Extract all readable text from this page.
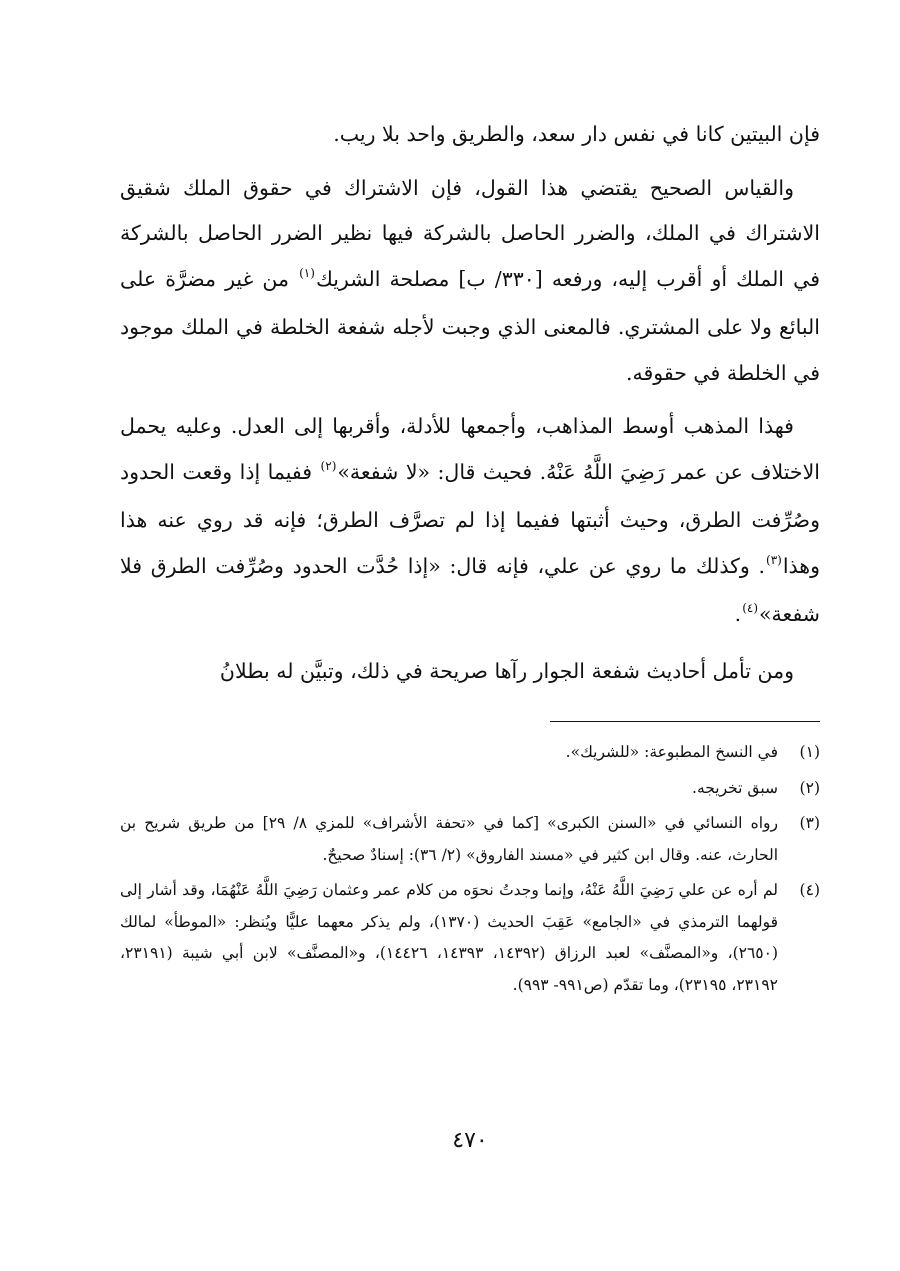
فإن البيتين كانا في نفس دار سعد، والطريق واحد بلا ريب.

والقياس الصحيح يقتضي هذا القول، فإن الاشتراك في حقوق الملك شقيق الاشتراك في الملك، والضرر الحاصل بالشركة فيها نظير الضرر الحاصل بالشركة في الملك أو أقرب إليه، ورفعه [٣٣٠/ ب] مصلحة الشريك$^{(١)}$ من غير مضرَّة على البائع ولا على المشتري. فالمعنى الذي وجبت لأجله شفعة الخلطة في الملك موجود في الخلطة في حقوقه.

فهذا المذهب أوسط المذاهب، وأجمعها للأدلة، وأقربها إلى العدل. وعليه يحمل الاختلاف عن عمر رَضِيَ اللَّهُ عَنْهُ. فحيث قال: «لا شفعة»$^{(٢)}$ ففيما إذا وقعت الحدود وصُرِّفت الطرق، وحيث أثبتها ففيما إذا لم تصرَّف الطرق؛ فإنه قد روي عنه هذا وهذا$^{(٣)}$. وكذلك ما روي عن علي، فإنه قال: «إذا حُدَّت الحدود وصُرِّفت الطرق فلا شفعة»$^{(٤)}$.

ومن تأمل أحاديث شفعة الجوار رآها صريحة في ذلك، وتبيَّن له بطلانُ

(١)
في النسخ المطبوعة: «للشريك».
(٢)
سبق تخريجه.
(٣)
رواه النسائي في «السنن الكبرى» [كما في «تحفة الأشراف» للمزي ٨/ ٢٩] من طريق شريح بن الحارث، عنه. وقال ابن كثير في «مسند الفاروق» (٢/ ٣٦): إسنادٌ صحيحٌ.
(٤)
لم أره عن علي رَضِيَ اللَّهُ عَنْهُ، وإنما وجدتُ نحوَه من كلام عمر وعثمان رَضِيَ اللَّهُ عَنْهُمَا، وقد أشار إلى قولهما الترمذي في «الجامع» عَقِبَ الحديث (١٣٧٠)، ولم يذكر معهما عليًّا ويُنظر: «الموطأ» لمالك (٢٦٥٠)، و«المصنَّف» لعبد الرزاق (١٤٣٩٢، ١٤٣٩٣، ١٤٤٢٦)، و«المصنَّف» لابن أبي شيبة (٢٣١٩١، ٢٣١٩٢، ٢٣١٩٥)، وما تقدّم (ص٩٩١- ٩٩٣).
٤٧٠
